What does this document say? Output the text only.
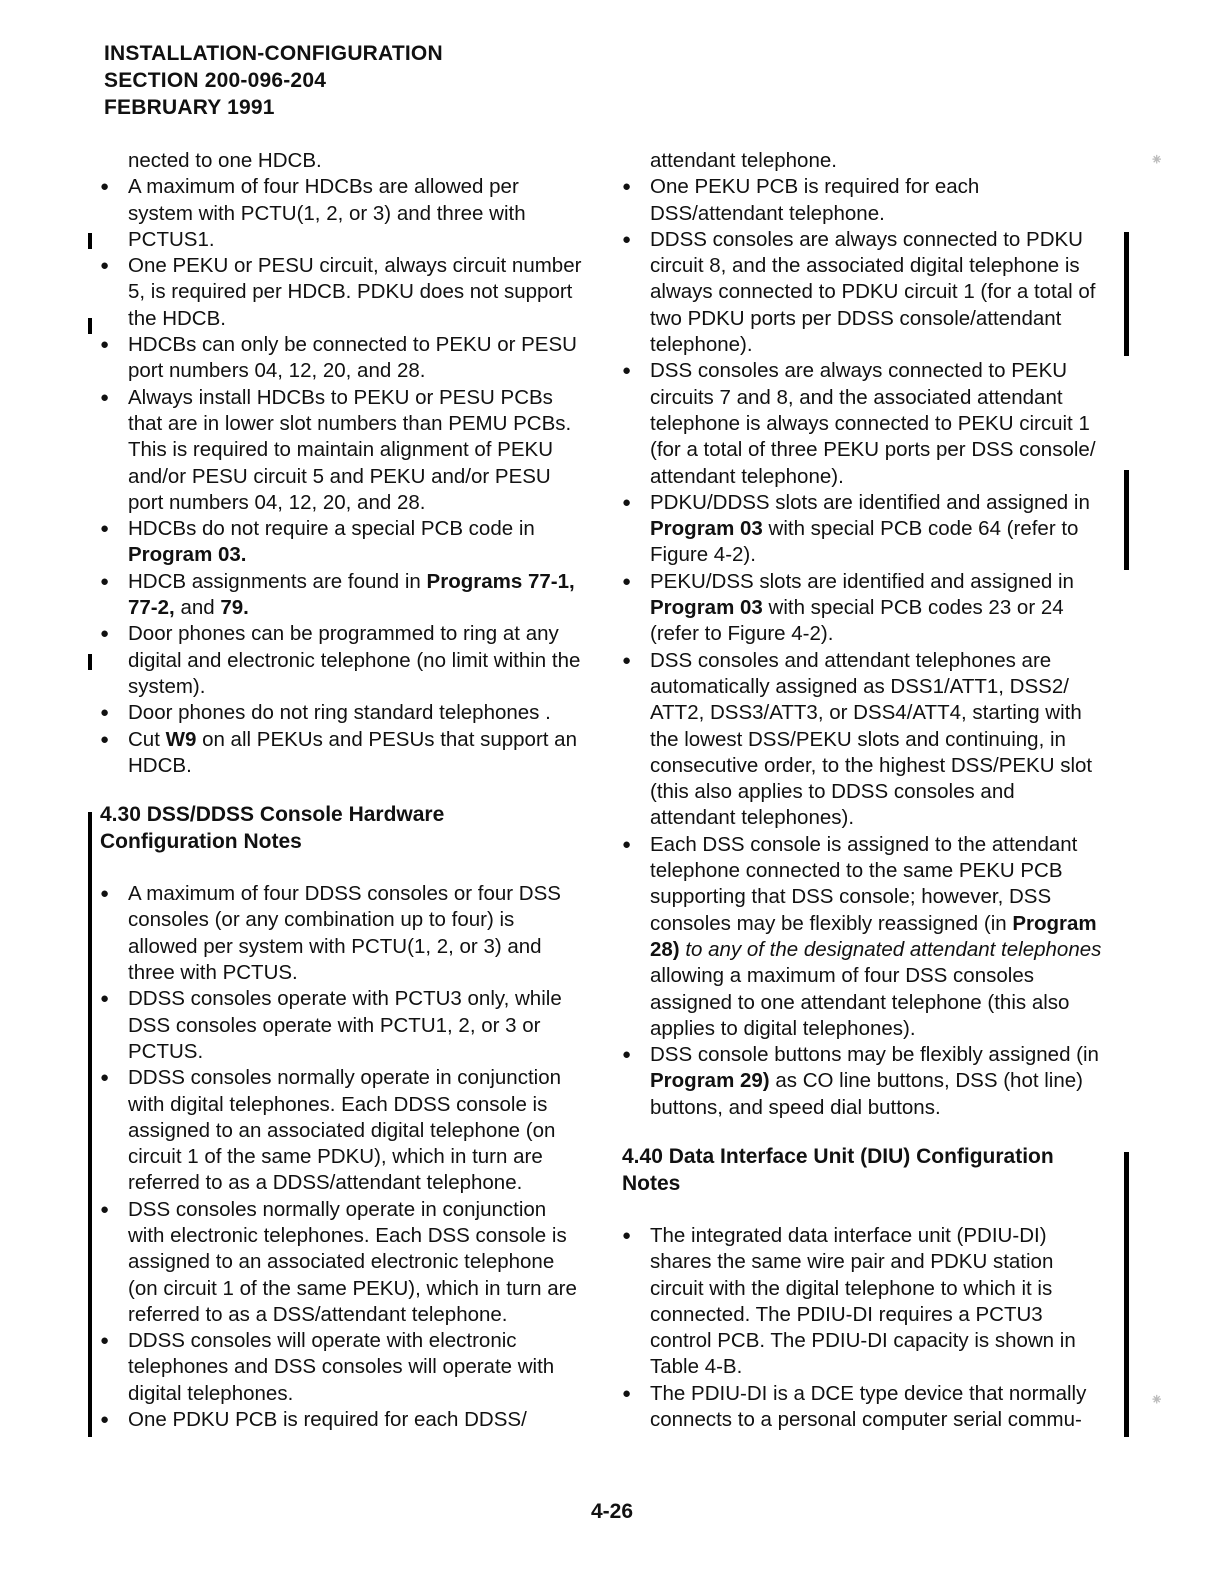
INSTALLATION-CONFIGURATION
SECTION 200-096-204
FEBRUARY 1991
⁕
⁕

nected to one HDCB.

● A maximum of four HDCBs are allowed per system with PCTU(1, 2, or 3) and three with PCTUS1.
● One PEKU or PESU circuit, always circuit number 5, is required per HDCB. PDKU does not support the HDCB.
● HDCBs can only be connected to PEKU or PESU port numbers 04, 12, 20, and 28.
● Always install HDCBs to PEKU or PESU PCBs that are in lower slot numbers than PEMU PCBs. This is required to maintain alignment of PEKU and/or PESU circuit 5 and PEKU and/or PESU port numbers 04, 12, 20, and 28.
● HDCBs do not require a special PCB code in Program 03.
● HDCB assignments are found in Programs 77-1, 77-2, and 79.
● Door phones can be programmed to ring at any digital and electronic telephone (no limit within the system).
● Door phones do not ring standard telephones .
● Cut W9 on all PEKUs and PESUs that support an HDCB.

4.30 DSS/DDSS Console Hardware Configuration Notes

● A maximum of four DDSS consoles or four DSS consoles (or any combination up to four) is allowed per system with PCTU(1, 2, or 3) and three with PCTUS.
● DDSS consoles operate with PCTU3 only, while DSS consoles operate with PCTU1, 2, or 3 or PCTUS.
● DDSS consoles normally operate in conjunction with digital telephones. Each DDSS console is assigned to an associated digital telephone (on circuit 1 of the same PDKU), which in turn are referred to as a DDSS/attendant telephone.
● DSS consoles normally operate in conjunction with electronic telephones. Each DSS console is assigned to an associated electronic telephone (on circuit 1 of the same PEKU), which in turn are referred to as a DSS/attendant telephone.
● DDSS consoles will operate with electronic telephones and DSS consoles will operate with digital telephones.
● One PDKU PCB is required for each DDSS/

attendant telephone.

● One PEKU PCB is required for each DSS/attendant telephone.
● DDSS consoles are always connected to PDKU circuit 8, and the associated digital telephone is always connected to PDKU circuit 1 (for a total of two PDKU ports per DDSS console/attendant telephone).
● DSS consoles are always connected to PEKU circuits 7 and 8, and the associated attendant telephone is always connected to PEKU circuit 1 (for a total of three PEKU ports per DSS console/ attendant telephone).
● PDKU/DDSS slots are identified and assigned in Program 03 with special PCB code 64 (refer to Figure 4-2).
● PEKU/DSS slots are identified and assigned in Program 03 with special PCB codes 23 or 24 (refer to Figure 4-2).
● DSS consoles and attendant telephones are automatically assigned as DSS1/ATT1, DSS2/ ATT2, DSS3/ATT3, or DSS4/ATT4, starting with the lowest DSS/PEKU slots and continuing, in consecutive order, to the highest DSS/PEKU slot (this also applies to DDSS consoles and attendant telephones).
● Each DSS console is assigned to the attendant telephone connected to the same PEKU PCB supporting that DSS console; however, DSS consoles may be flexibly reassigned (in Program 28) to any of the designated attendant telephones allowing a maximum of four DSS consoles assigned to one attendant telephone (this also applies to digital telephones).
● DSS console buttons may be flexibly assigned (in Program 29) as CO line buttons, DSS (hot line) buttons, and speed dial buttons.

4.40 Data Interface Unit (DIU) Configuration Notes

● The integrated data interface unit (PDIU-DI) shares the same wire pair and PDKU station circuit with the digital telephone to which it is connected. The PDIU-DI requires a PCTU3 control PCB. The PDIU-DI capacity is shown in Table 4-B.
● The PDIU-DI is a DCE type device that normally connects to a personal computer serial commu-
4-26
